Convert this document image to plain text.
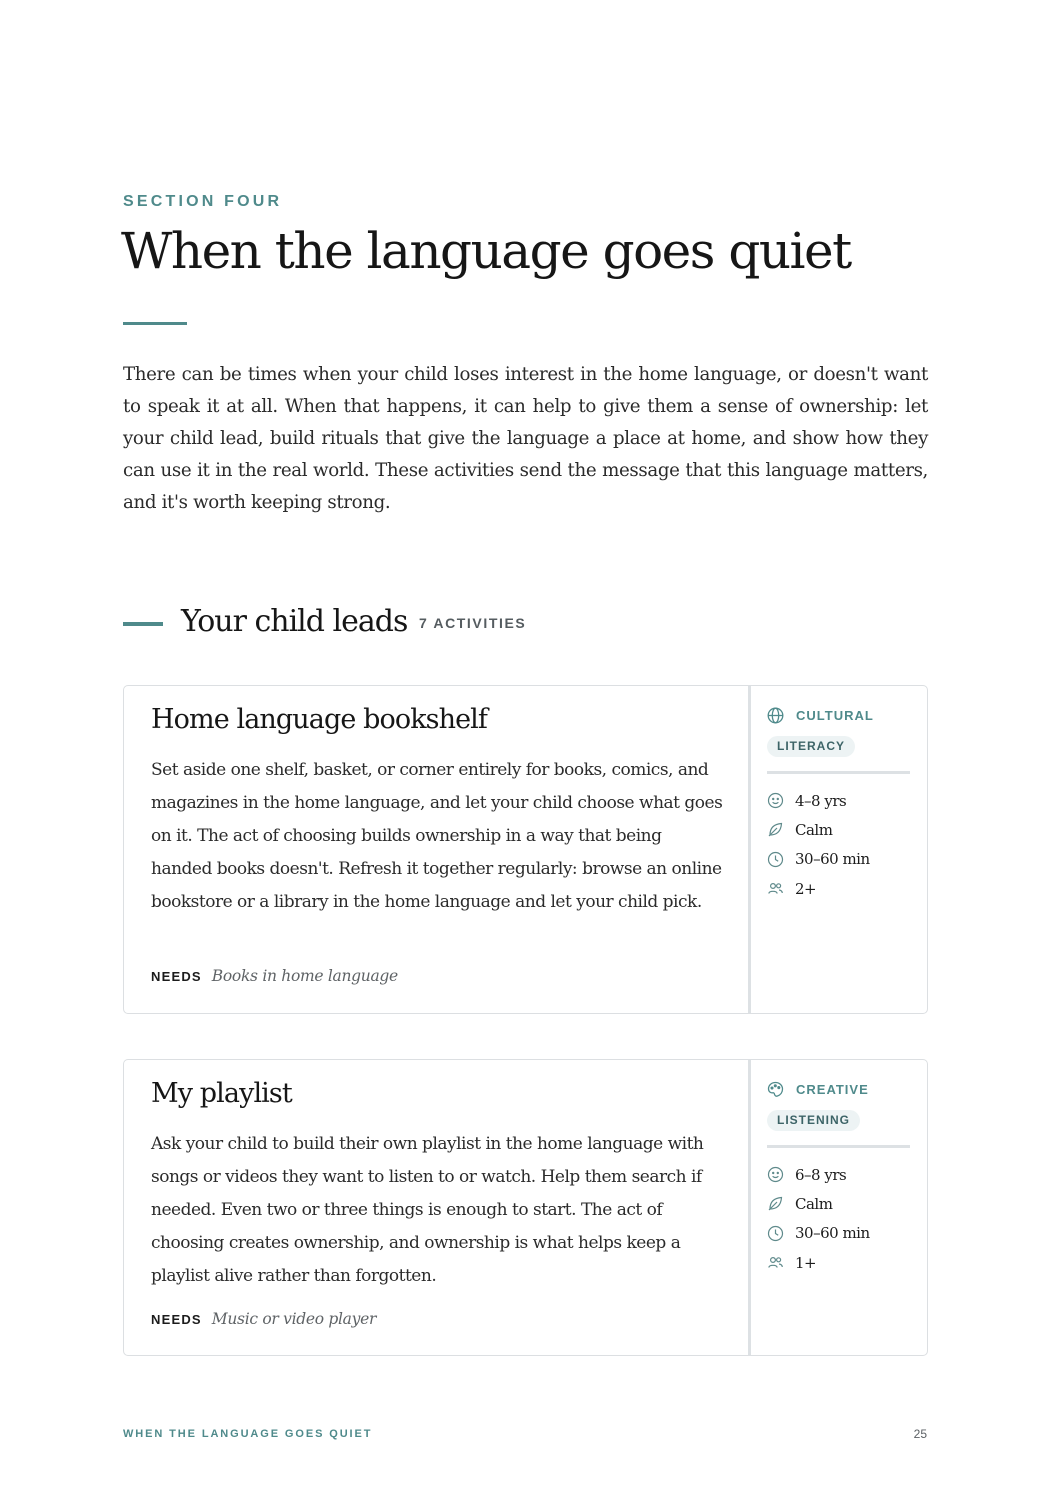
SECTION FOUR
When the language goes quiet

There can be times when your child loses interest in the home language, or doesn't want to speak it at all. When that happens, it can help to give them a sense of ownership: let your child lead, build rituals that give the language a place at home, and show how they can use it in the real world. These activities send the message that this language matters, and it's worth keeping strong.

Your child leads 7 ACTIVITIES
Home language bookshelf

Set aside one shelf, basket, or corner entirely for books, comics, and magazines in the home language, and let your child choose what goes on it. The act of choosing builds ownership in a way that being handed books doesn't. Refresh it together regularly: browse an online bookstore or a library in the home language and let your child pick.

NEEDS Books in home language
CULTURAL
LITERACY
4–8 yrs
Calm
30–60 min
2+
My playlist

Ask your child to build their own playlist in the home language with songs or videos they want to listen to or watch. Help them search if needed. Even two or three things is enough to start. The act of choosing creates ownership, and ownership is what helps keep a playlist alive rather than forgotten.

NEEDS Music or video player
CREATIVE
LISTENING
6–8 yrs
Calm
30–60 min
1+
WHEN THE LANGUAGE GOES QUIET	25
